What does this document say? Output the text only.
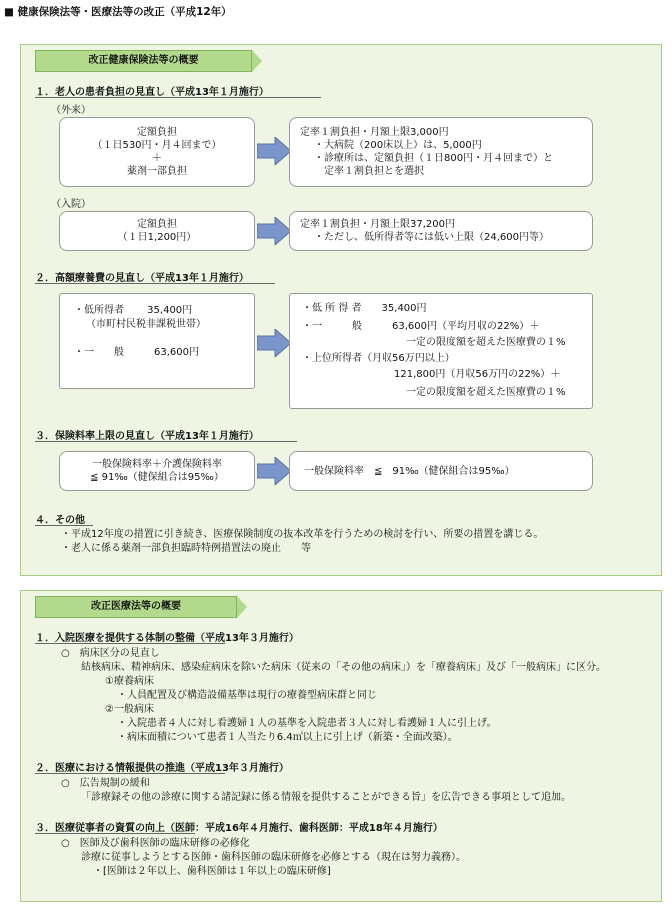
■ 健康保険法等・医療法等の改正（平成12年）
改正健康保険法等の概要
１．老人の患者負担の見直し（平成13年１月施行）
（外来）
定額負担
（１日530円・月４回まで）
＋
薬剤一部負担
定率１割負担・月額上限3,000円
・大病院（200床以上）は、5,000円
・診療所は、定額負担（１日800円・月４回まで）と
定率１割負担とを選択
（入院）
定額負担
（１日1,200円）
定率１割負担・月額上限37,200円
・ただし、低所得者等には低い上限（24,600円等）
２．高額療養費の見直し（平成13年１月施行）
・低所得者　　 35,400円
（市町村民税非課税世帯）
・一　　般　　　63,600円
・低 所 得 者　　35,400円
・一　　　般　　　63,600円（平均月収の22%）＋
一定の限度額を超えた医療費の１%
・上位所得者（月収56万円以上）
121,800円（月収56万円の22%）＋
一定の限度額を超えた医療費の１%
３．保険料率上限の見直し（平成13年１月施行）
一般保険料率＋介護保険料率
≦ 91‰（健保組合は95‰）
一般保険料率　≦　91‰（健保組合は95‰）
４．その他
・平成12年度の措置に引き続き、医療保険制度の抜本改革を行うための検討を行い、所要の措置を講じる。
・老人に係る薬剤一部負担臨時特例措置法の廃止　　等
改正医療法等の概要
１．入院医療を提供する体制の整備（平成13年３月施行）
○　病床区分の見直し
結核病床、精神病床、感染症病床を除いた病床（従来の「その他の病床」）を「療養病床」及び「一般病床」に区分。
①療養病床
・人員配置及び構造設備基準は現行の療養型病床群と同じ
②一般病床
・入院患者４人に対し看護婦１人の基準を入院患者３人に対し看護婦１人に引上げ。
・病床面積について患者１人当たり6.4㎡以上に引上げ（新築・全面改築）。
２．医療における情報提供の推進（平成13年３月施行）
○　広告規制の緩和
「診療録その他の診療に関する諸記録に係る情報を提供することができる旨」を広告できる事項として追加。
３．医療従事者の資質の向上（医師：平成16年４月施行、歯科医師：平成18年４月施行）
○　医師及び歯科医師の臨床研修の必修化
診療に従事しようとする医師・歯科医師の臨床研修を必修とする（現在は努力義務）。
・[医師は２年以上、歯科医師は１年以上の臨床研修]
